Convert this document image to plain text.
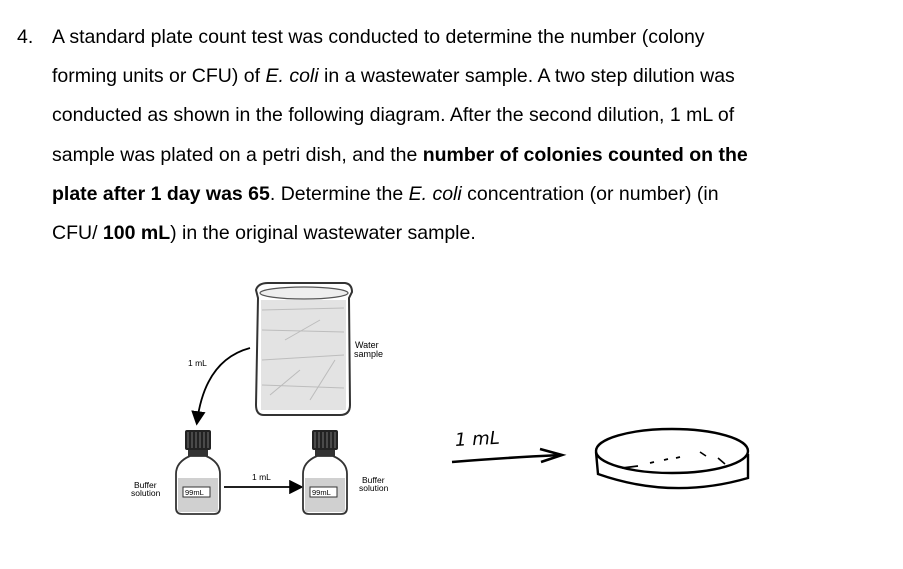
4. A standard plate count test was conducted to determine the number (colony
forming units or CFU) of E. coli in a wastewater sample. A two step dilution was
conducted as shown in the following diagram. After the second dilution, 1 mL of
sample was plated on a petri dish, and the number of colonies counted on the
plate after 1 day was 65. Determine the E. coli concentration (or number) (in
CFU/ 100 mL) in the original wastewater sample.
Water
sample
1 mL
99mL
Buffer
solution
1 mL
99mL
Buffer
solution
1 mL
